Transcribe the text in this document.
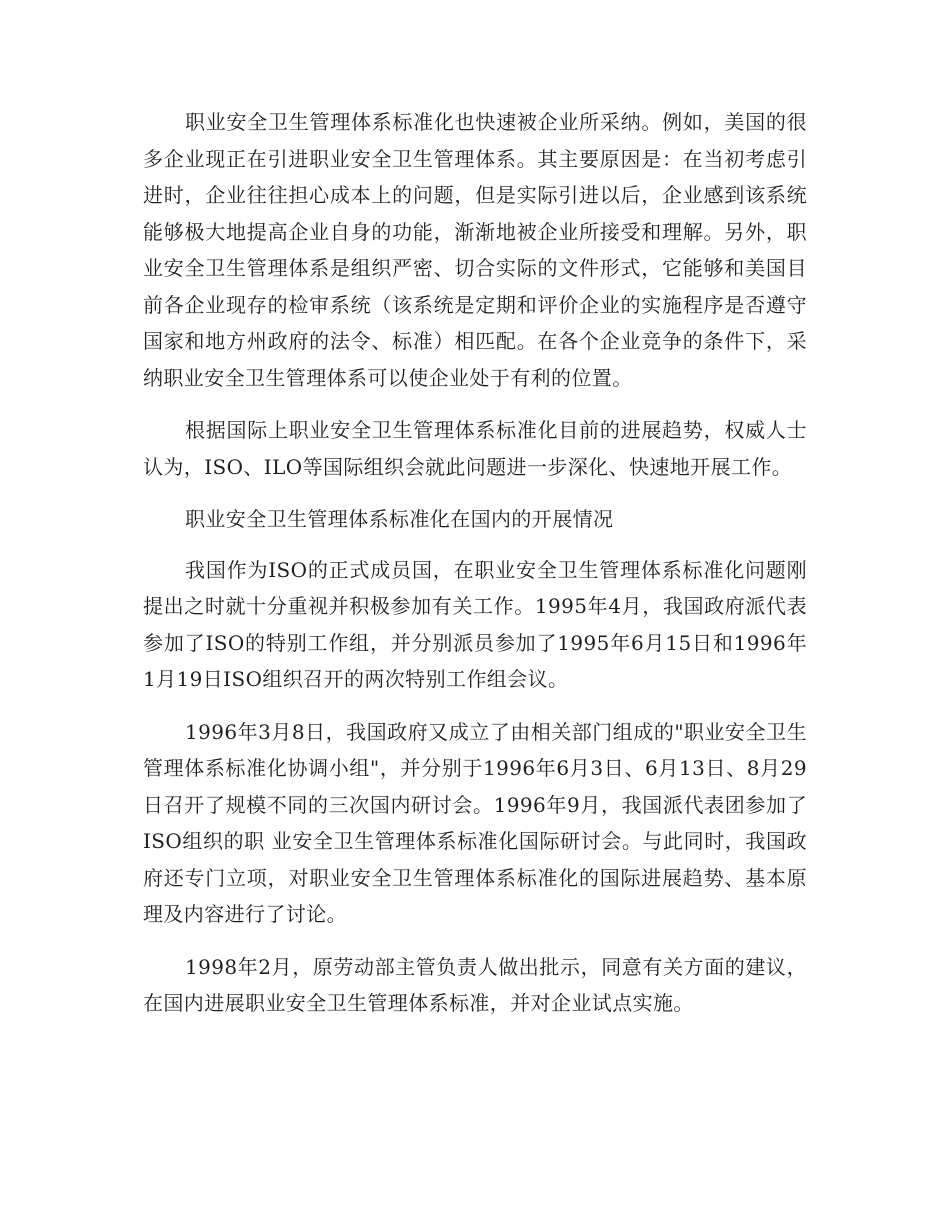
职业安全卫生管理体系标准化也快速被企业所采纳。例如，美国的很多企业现正在引进职业安全卫生管理体系。其主要原因是：在当初考虑引进时，企业往往担心成本上的问题，但是实际引进以后，企业感到该系统能够极大地提高企业自身的功能，渐渐地被企业所接受和理解。另外，职业安全卫生管理体系是组织严密、切合实际的文件形式，它能够和美国目前各企业现存的检审系统（该系统是定期和评价企业的实施程序是否遵守国家和地方州政府的法令、标准）相匹配。在各个企业竞争的条件下，采纳职业安全卫生管理体系可以使企业处于有利的位置。

根据国际上职业安全卫生管理体系标准化目前的进展趋势，权威人士认为，ISO、ILO等国际组织会就此问题进一步深化、快速地开展工作。

职业安全卫生管理体系标准化在国内的开展情况

我国作为ISO的正式成员国，在职业安全卫生管理体系标准化问题刚提出之时就十分重视并积极参加有关工作。1995年4月，我国政府派代表参加了ISO的特别工作组，并分别派员参加了1995年6月15日和1996年1月19日ISO组织召开的两次特别工作组会议。

1996年3月8日，我国政府又成立了由相关部门组成的"职业安全卫生管理体系标准化协调小组"，并分别于1996年6月3日、6月13日、8月29日召开了规模不同的三次国内研讨会。1996年9月，我国派代表团参加了ISO组织的职 业安全卫生管理体系标准化国际研讨会。与此同时，我国政府还专门立项，对职业安全卫生管理体系标准化的国际进展趋势、基本原理及内容进行了讨论。

1998年2月，原劳动部主管负责人做出批示，同意有关方面的建议，在国内进展职业安全卫生管理体系标准，并对企业试点实施。
